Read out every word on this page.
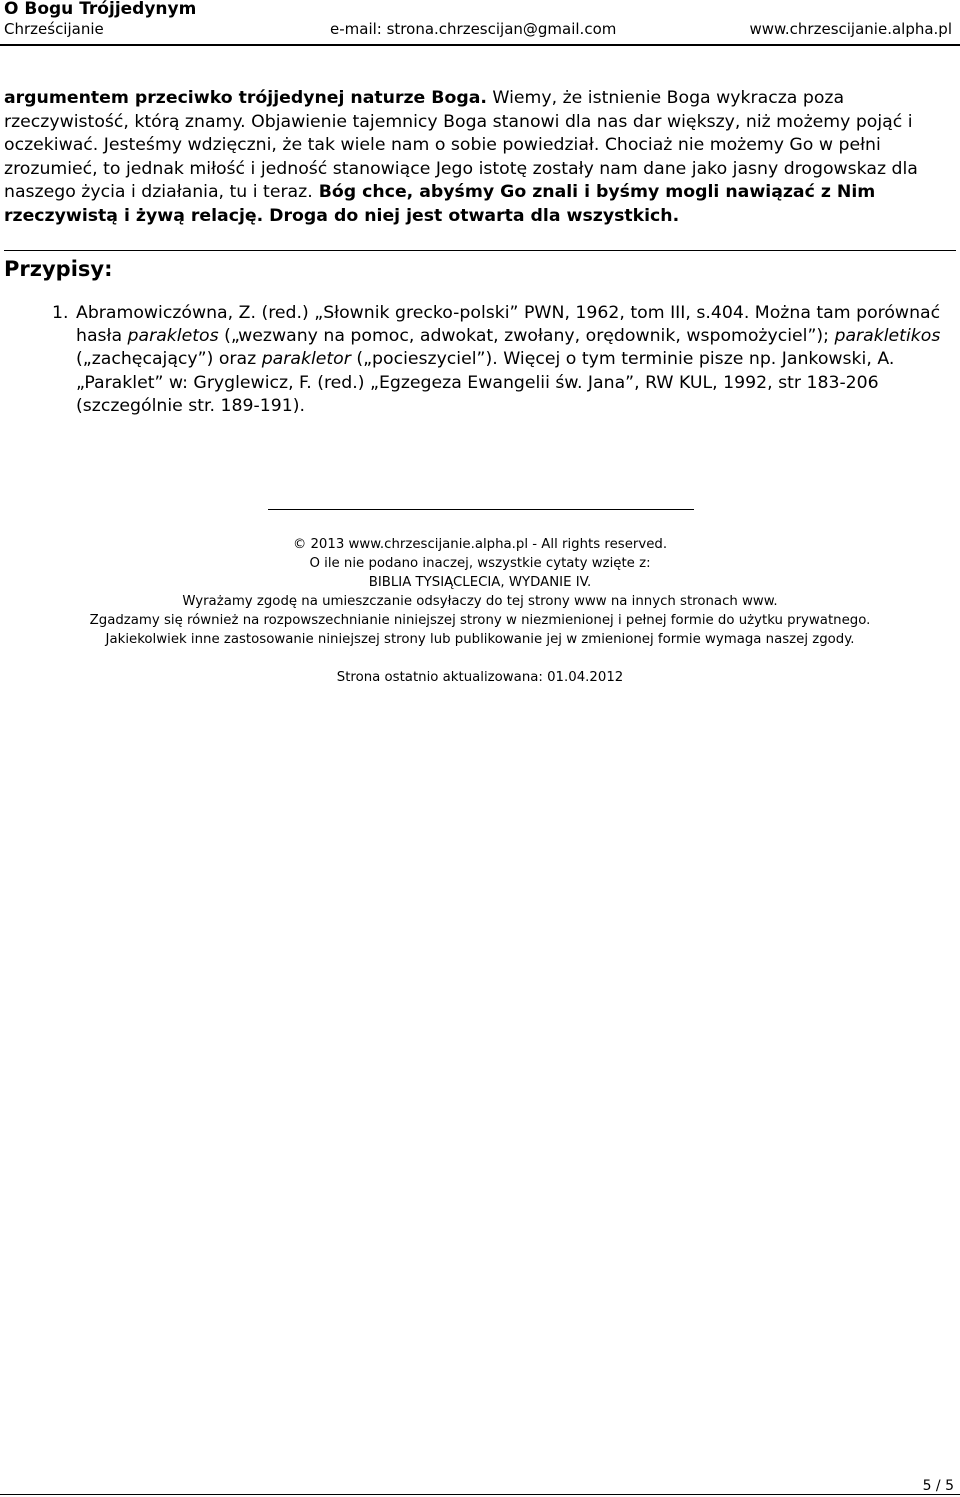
O Bogu Trójjedynym
Chrześcijanie	e-mail: strona.chrzescijan@gmail.com	www.chrzescijanie.alpha.pl
argumentem przeciwko trójjedynej naturze Boga. Wiemy, że istnienie Boga wykracza poza rzeczywistość, którą znamy. Objawienie tajemnicy Boga stanowi dla nas dar większy, niż możemy pojąć i oczekiwać. Jesteśmy wdzięczni, że tak wiele nam o sobie powiedział. Chociaż nie możemy Go w pełni zrozumieć, to jednak miłość i jedność stanowiące Jego istotę zostały nam dane jako jasny drogowskaz dla naszego życia i działania, tu i teraz. Bóg chce, abyśmy Go znali i byśmy mogli nawiązać z Nim rzeczywistą i żywą relację. Droga do niej jest otwarta dla wszystkich.
Przypisy:
1. Abramowiczówna, Z. (red.) „Słownik grecko-polski” PWN, 1962, tom III, s.404. Można tam porównać hasła parakletos („wezwany na pomoc, adwokat, zwołany, orędownik, wspomożyciel”); parakletikos („zachęcający”) oraz parakletor („pocieszyciel”). Więcej o tym terminie pisze np. Jankowski, A. „Paraklet” w: Gryglewicz, F. (red.) „Egzegeza Ewangelii św. Jana”, RW KUL, 1992, str 183-206 (szczególnie str. 189-191).
© 2013 www.chrzescijanie.alpha.pl - All rights reserved.
O ile nie podano inaczej, wszystkie cytaty wzięte z:
BIBLIA TYSIĄCLECIA, WYDANIE IV.
Wyrażamy zgodę na umieszczanie odsyłaczy do tej strony www na innych stronach www.
Zgadzamy się również na rozpowszechnianie niniejszej strony w niezmienionej i pełnej formie do użytku prywatnego.
Jakiekolwiek inne zastosowanie niniejszej strony lub publikowanie jej w zmienionej formie wymaga naszej zgody.
Strona ostatnio aktualizowana: 01.04.2012
5 / 5
